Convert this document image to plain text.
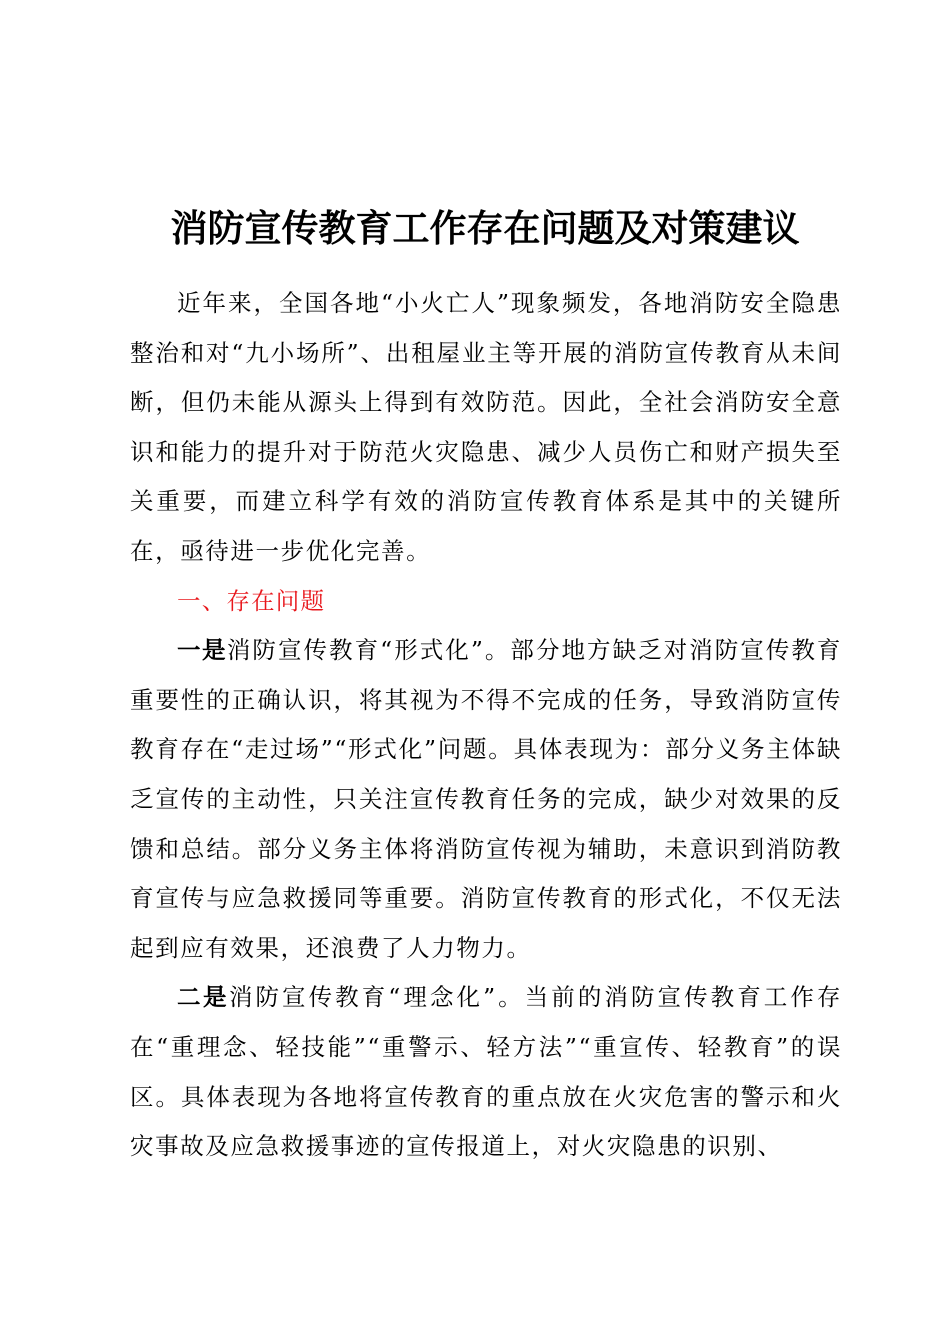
消防宣传教育工作存在问题及对策建议

近年来，全国各地“小火亡人”现象频发，各地消防安全隐患整治和对“九小场所”、出租屋业主等开展的消防宣传教育从未间断，但仍未能从源头上得到有效防范。因此，全社会消防安全意识和能力的提升对于防范火灾隐患、减少人员伤亡和财产损失至关重要，而建立科学有效的消防宣传教育体系是其中的关键所在，亟待进一步优化完善。

一、存在问题

一是消防宣传教育“形式化”。部分地方缺乏对消防宣传教育重要性的正确认识，将其视为不得不完成的任务，导致消防宣传教育存在“走过场”“形式化”问题。具体表现为：部分义务主体缺乏宣传的主动性，只关注宣传教育任务的完成，缺少对效果的反馈和总结。部分义务主体将消防宣传视为辅助，未意识到消防教育宣传与应急救援同等重要。消防宣传教育的形式化，不仅无法起到应有效果，还浪费了人力物力。

二是消防宣传教育“理念化”。当前的消防宣传教育工作存在“重理念、轻技能”“重警示、轻方法”“重宣传、轻教育”的误区。具体表现为各地将宣传教育的重点放在火灾危害的警示和火灾事故及应急救援事迹的宣传报道上，对火灾隐患的识别、
